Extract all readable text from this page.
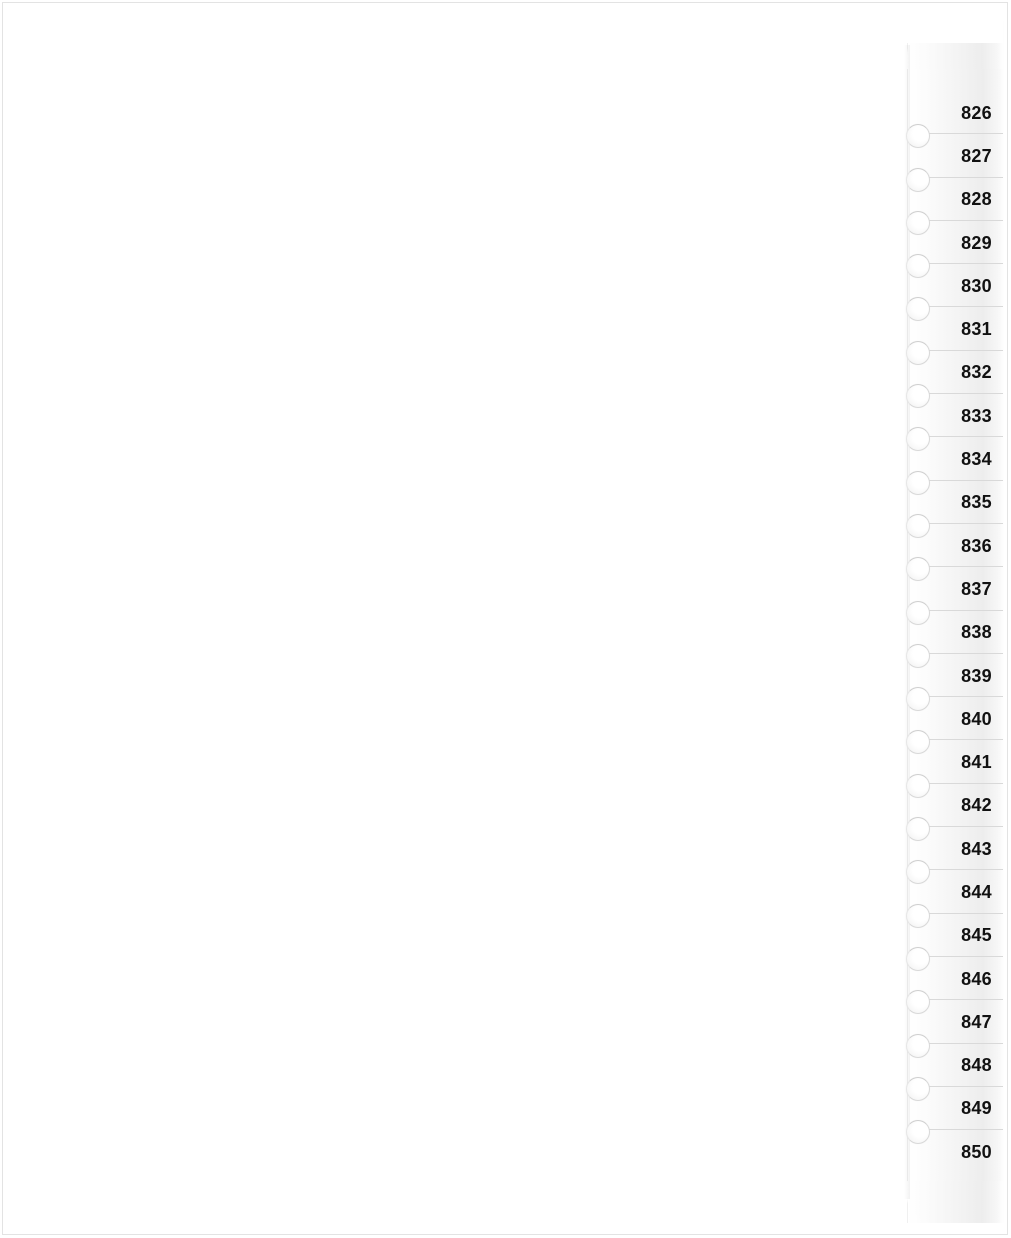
826
827
828
829
830
831
832
833
834
835
836
837
838
839
840
841
842
843
844
845
846
847
848
849
850
